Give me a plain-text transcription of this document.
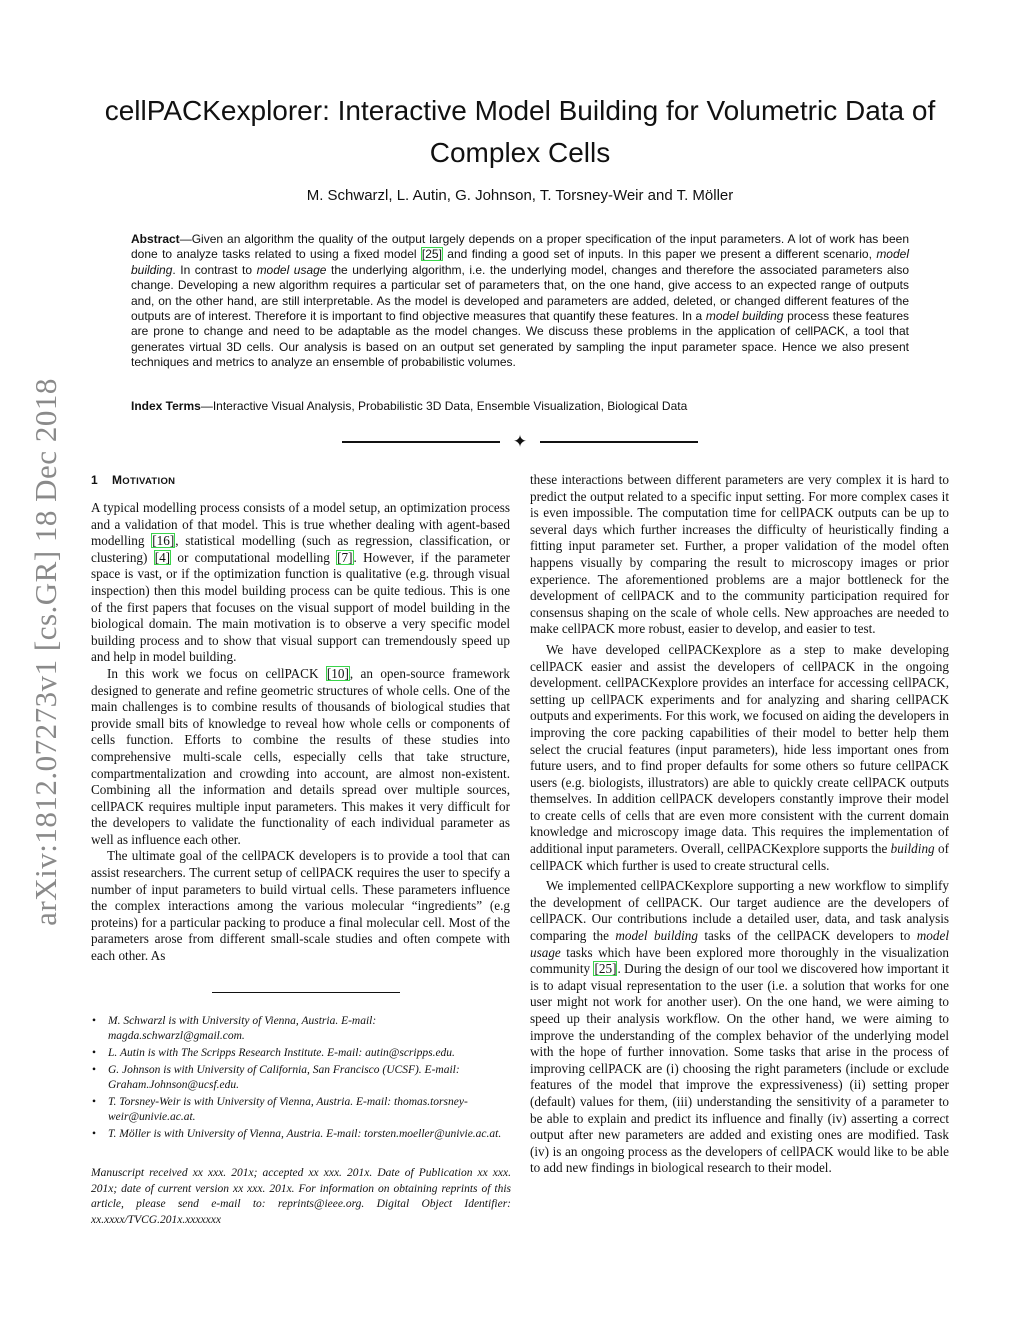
arXiv:1812.07273v1 [cs.GR] 18 Dec 2018
cellPACKexplorer: Interactive Model Building for Volumetric Data of Complex Cells
M. Schwarzl, L. Autin, G. Johnson, T. Torsney-Weir and T. Möller
Abstract—Given an algorithm the quality of the output largely depends on a proper specification of the input parameters. A lot of work has been done to analyze tasks related to using a fixed model [25] and finding a good set of inputs. In this paper we present a different scenario, model building. In contrast to model usage the underlying algorithm, i.e. the underlying model, changes and therefore the associated parameters also change. Developing a new algorithm requires a particular set of parameters that, on the one hand, give access to an expected range of outputs and, on the other hand, are still interpretable. As the model is developed and parameters are added, deleted, or changed different features of the outputs are of interest. Therefore it is important to find objective measures that quantify these features. In a model building process these features are prone to change and need to be adaptable as the model changes. We discuss these problems in the application of cellPACK, a tool that generates virtual 3D cells. Our analysis is based on an output set generated by sampling the input parameter space. Hence we also present techniques and metrics to analyze an ensemble of probabilistic volumes.
Index Terms—Interactive Visual Analysis, Probabilistic 3D Data, Ensemble Visualization, Biological Data
✦
1 MOTIVATION

A typical modelling process consists of a model setup, an optimization process and a validation of that model. This is true whether dealing with agent-based modelling [16], statistical modelling (such as regression, classification, or clustering) [4] or computational modelling [7]. However, if the parameter space is vast, or if the optimization function is qualitative (e.g. through visual inspection) then this model building process can be quite tedious. This is one of the first papers that focuses on the visual support of model building in the biological domain. The main motivation is to observe a very specific model building process and to show that visual support can tremendously speed up and help in model building.

In this work we focus on cellPACK [10], an open-source framework designed to generate and refine geometric structures of whole cells. One of the main challenges is to combine results of thousands of biological studies that provide small bits of knowledge to reveal how whole cells or components of cells function. Efforts to combine the results of these studies into comprehensive multi-scale cells, especially cells that take structure, compartmentalization and crowding into account, are almost non-existent. Combining all the information and details spread over multiple sources, cellPACK requires multiple input parameters. This makes it very difficult for the developers to validate the functionality of each individual parameter as well as influence each other.

The ultimate goal of the cellPACK developers is to provide a tool that can assist researchers. The current setup of cellPACK requires the user to specify a number of input parameters to build virtual cells. These parameters influence the complex interactions among the various molecular “ingredients” (e.g proteins) for a particular packing to produce a final molecular cell. Most of the parameters arose from different small-scale studies and often compete with each other. As

• M. Schwarzl is with University of Vienna, Austria. E-mail: magda.schwarzl@gmail.com.
• L. Autin is with The Scripps Research Institute. E-mail: autin@scripps.edu.
• G. Johnson is with University of California, San Francisco (UCSF). E-mail: Graham.Johnson@ucsf.edu.
• T. Torsney-Weir is with University of Vienna, Austria. E-mail: thomas.torsney-weir@univie.ac.at.
• T. Möller is with University of Vienna, Austria. E-mail: torsten.moeller@univie.ac.at.
Manuscript received xx xxx. 201x; accepted xx xxx. 201x. Date of Publication xx xxx. 201x; date of current version xx xxx. 201x. For information on obtaining reprints of this article, please send e-mail to: reprints@ieee.org. Digital Object Identifier: xx.xxxx/TVCG.201x.xxxxxxx

these interactions between different parameters are very complex it is hard to predict the output related to a specific input setting. For more complex cases it is even impossible. The computation time for cellPACK outputs can be up to several days which further increases the difficulty of heuristically finding a fitting input parameter set. Further, a proper validation of the model often happens visually by comparing the result to microscopy images or prior experience. The aforementioned problems are a major bottleneck for the development of cellPACK and to the community participation required for consensus shaping on the scale of whole cells. New approaches are needed to make cellPACK more robust, easier to develop, and easier to test.

We have developed cellPACKexplore as a step to make developing cellPACK easier and assist the developers of cellPACK in the ongoing development. cellPACKexplore provides an interface for accessing cellPACK, setting up cellPACK experiments and for analyzing and sharing cellPACK outputs and experiments. For this work, we focused on aiding the developers in improving the core packing capabilities of their model to better help them select the crucial features (input parameters), hide less important ones from future users, and to find proper defaults for some others so future cellPACK users (e.g. biologists, illustrators) are able to quickly create cellPACK outputs themselves. In addition cellPACK developers constantly improve their model to create cells of cells that are even more consistent with the current domain knowledge and microscopy image data. This requires the implementation of additional input parameters. Overall, cellPACKexplore supports the building of cellPACK which further is used to create structural cells.

We implemented cellPACKexplore supporting a new workflow to simplify the development of cellPACK. Our target audience are the developers of cellPACK. Our contributions include a detailed user, data, and task analysis comparing the model building tasks of the cellPACK developers to model usage tasks which have been explored more thoroughly in the visualization community [25]. During the design of our tool we discovered how important it is to adapt visual representation to the user (i.e. a solution that works for one user might not work for another user). On the one hand, we were aiming to speed up their analysis workflow. On the other hand, we were aiming to improve the understanding of the complex behavior of the underlying model with the hope of further innovation. Some tasks that arise in the process of improving cellPACK are (i) choosing the right parameters (include or exclude features of the model that improve the expressiveness) (ii) setting proper (default) values for them, (iii) understanding the sensitivity of a parameter to be able to explain and predict its influence and finally (iv) asserting a correct output after new parameters are added and existing ones are modified. Task (iv) is an ongoing process as the developers of cellPACK would like to be able to add new findings in biological research to their model.
